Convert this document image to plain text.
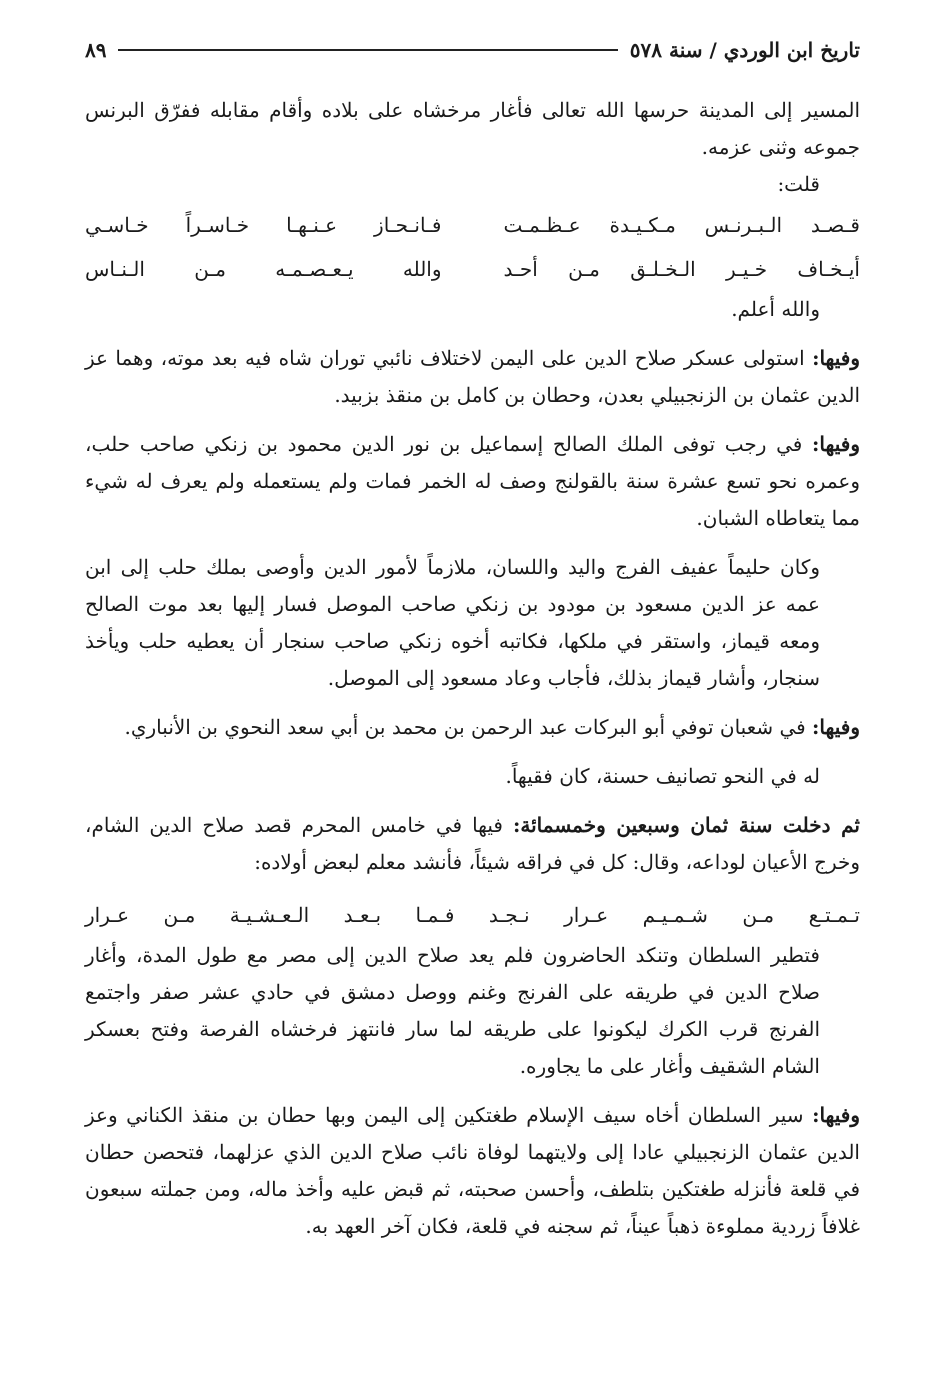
تاريخ ابن الوردي / سنة ٥٧٨
٨٩

المسير إلى المدينة حرسها الله تعالى فأغار مرخشاه على بلاده وأقام مقابله ففرّق البرنس جموعه وثنى عزمه.

قلت:

قـصـد الـبـرنـس مـكـيـدة عـظـمـت
فـانـحـاز عـنـهـا خـاسـراً خـاسـي
أيـخـاف خـيـر الـخـلـق مـن أحـد
والله يـعـصـمـه مـن الـنـاس

والله أعلم.

وفيها: استولى عسكر صلاح الدين على اليمن لاختلاف نائبي توران شاه فيه بعد موته، وهما عز الدين عثمان بن الزنجبيلي بعدن، وحطان بن كامل بن منقذ بزبيد.

وفيها: في رجب توفى الملك الصالح إسماعيل بن نور الدين محمود بن زنكي صاحب حلب، وعمره نحو تسع عشرة سنة بالقولنج وصف له الخمر فمات ولم يستعمله ولم يعرف له شيء مما يتعاطاه الشبان.

وكان حليماً عفيف الفرج واليد واللسان، ملازماً لأمور الدين وأوصى بملك حلب إلى ابن عمه عز الدين مسعود بن مودود بن زنكي صاحب الموصل فسار إليها بعد موت الصالح ومعه قيماز، واستقر في ملكها، فكاتبه أخوه زنكي صاحب سنجار أن يعطيه حلب ويأخذ سنجار، وأشار قيماز بذلك، فأجاب وعاد مسعود إلى الموصل.

وفيها: في شعبان توفي أبو البركات عبد الرحمن بن محمد بن أبي سعد النحوي بن الأنباري.

له في النحو تصانيف حسنة، كان فقيهاً.

ثم دخلت سنة ثمان وسبعين وخمسمائة: فيها في خامس المحرم قصد صلاح الدين الشام، وخرج الأعيان لوداعه، وقال: كل في فراقه شيئاً، فأنشد معلم لبعض أولاده:

تـمـتـع مـن شـمـيـم عـرار نـجـد فـمـا بـعـد الـعـشـيـة مـن عـرار

فتطير السلطان وتنكد الحاضرون فلم يعد صلاح الدين إلى مصر مع طول المدة، وأغار صلاح الدين في طريقه على الفرنج وغنم ووصل دمشق في حادي عشر صفر واجتمع الفرنج قرب الكرك ليكونوا على طريقه لما سار فانتهز فرخشاه الفرصة وفتح بعسكر الشام الشقيف وأغار على ما يجاوره.

وفيها: سير السلطان أخاه سيف الإسلام طغتكين إلى اليمن وبها حطان بن منقذ الكناني وعز الدين عثمان الزنجبيلي عادا إلى ولايتهما لوفاة نائب صلاح الدين الذي عزلهما، فتحصن حطان في قلعة فأنزله طغتكين بتلطف، وأحسن صحبته، ثم قبض عليه وأخذ ماله، ومن جملته سبعون غلافاً زردية مملوءة ذهباً عيناً، ثم سجنه في قلعة، فكان آخر العهد به.
